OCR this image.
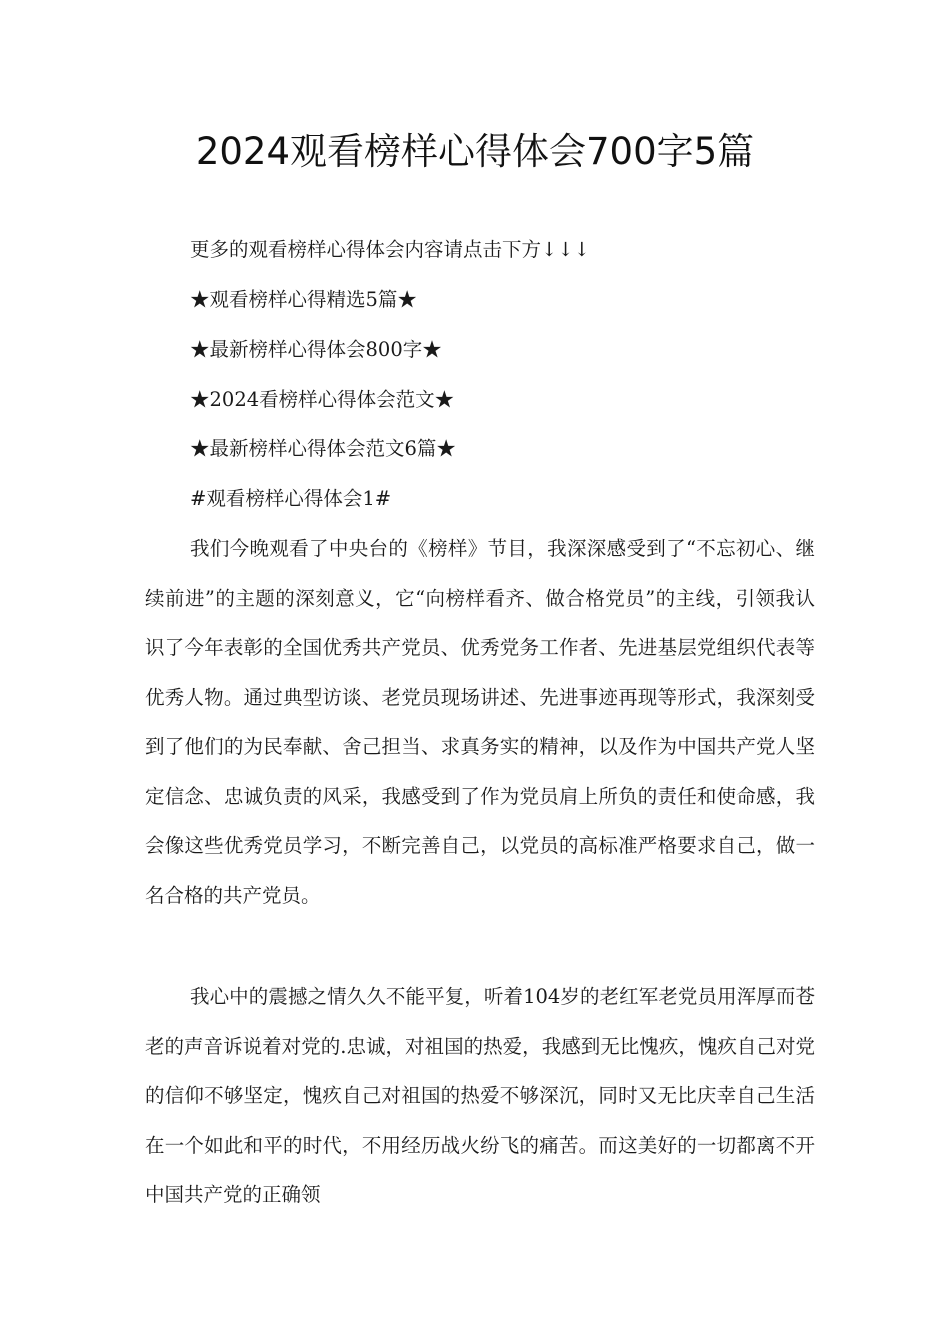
2024观看榜样心得体会700字5篇
更多的观看榜样心得体会内容请点击下方↓↓↓
★观看榜样心得精选5篇★
★最新榜样心得体会800字★
★2024看榜样心得体会范文★
★最新榜样心得体会范文6篇★
#观看榜样心得体会1#
我们今晚观看了中央台的《榜样》节目，我深深感受到了“不忘初心、继续前进”的主题的深刻意义，它“向榜样看齐、做合格党员”的主线，引领我认识了今年表彰的全国优秀共产党员、优秀党务工作者、先进基层党组织代表等优秀人物。通过典型访谈、老党员现场讲述、先进事迹再现等形式，我深刻受到了他们的为民奉献、舍己担当、求真务实的精神，以及作为中国共产党人坚定信念、忠诚负责的风采，我感受到了作为党员肩上所负的责任和使命感，我会像这些优秀党员学习，不断完善自己，以党员的高标准严格要求自己，做一名合格的共产党员。
我心中的震撼之情久久不能平复，听着104岁的老红军老党员用浑厚而苍老的声音诉说着对党的.忠诚，对祖国的热爱，我感到无比愧疚，愧疚自己对党的信仰不够坚定，愧疚自己对祖国的热爱不够深沉，同时又无比庆幸自己生活在一个如此和平的时代，不用经历战火纷飞的痛苦。而这美好的一切都离不开中国共产党的正确领
